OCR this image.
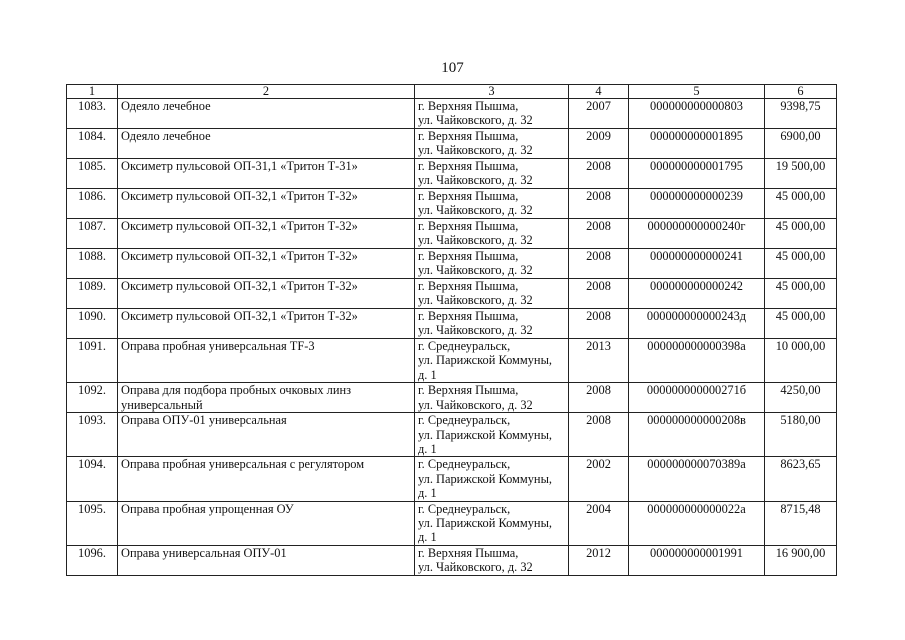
107
1	2	3	4	5	6
1083.	Одеяло лечебное	г. Верхняя Пышма,
ул. Чайковского, д. 32	2007	000000000000803	9398,75
1084.	Одеяло лечебное	г. Верхняя Пышма,
ул. Чайковского, д. 32	2009	000000000001895	6900,00
1085.	Оксиметр пульсовой ОП-31,1 «Тритон Т-31»	г. Верхняя Пышма,
ул. Чайковского, д. 32	2008	000000000001795	19 500,00
1086.	Оксиметр пульсовой ОП-32,1 «Тритон Т-32»	г. Верхняя Пышма,
ул. Чайковского, д. 32	2008	000000000000239	45 000,00
1087.	Оксиметр пульсовой ОП-32,1 «Тритон Т-32»	г. Верхняя Пышма,
ул. Чайковского, д. 32	2008	000000000000240г	45 000,00
1088.	Оксиметр пульсовой ОП-32,1 «Тритон Т-32»	г. Верхняя Пышма,
ул. Чайковского, д. 32	2008	000000000000241	45 000,00
1089.	Оксиметр пульсовой ОП-32,1 «Тритон Т-32»	г. Верхняя Пышма,
ул. Чайковского, д. 32	2008	000000000000242	45 000,00
1090.	Оксиметр пульсовой ОП-32,1 «Тритон Т-32»	г. Верхняя Пышма,
ул. Чайковского, д. 32	2008	000000000000243д	45 000,00
1091.	Оправа пробная универсальная TF-3	г. Среднеуральск,
ул. Парижской Коммуны,
д. 1	2013	000000000000398а	10 000,00
1092.	Оправа для подбора пробных очковых линз универсальный	г. Верхняя Пышма,
ул. Чайковского, д. 32	2008	000000000000271б	4250,00
1093.	Оправа ОПУ-01 универсальная	г. Среднеуральск,
ул. Парижской Коммуны,
д. 1	2008	000000000000208в	5180,00
1094.	Оправа пробная универсальная с регулятором	г. Среднеуральск,
ул. Парижской Коммуны,
д. 1	2002	000000000070389а	8623,65
1095.	Оправа пробная упрощенная ОУ	г. Среднеуральск,
ул. Парижской Коммуны,
д. 1	2004	000000000000022а	8715,48
1096.	Оправа универсальная ОПУ-01	г. Верхняя Пышма,
ул. Чайковского, д. 32	2012	000000000001991	16 900,00
